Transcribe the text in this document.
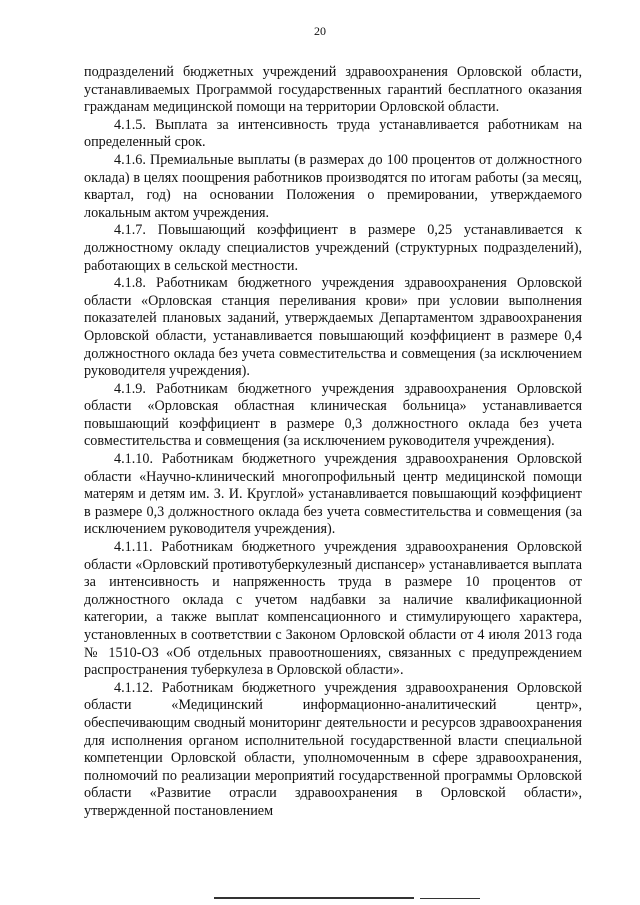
20

подразделений бюджетных учреждений здравоохранения Орловской области, устанавливаемых Программой государственных гарантий бесплатного оказания гражданам медицинской помощи на территории Орловской области.

4.1.5. Выплата за интенсивность труда устанавливается работникам на определенный срок.

4.1.6. Премиальные выплаты (в размерах до 100 процентов от должностного оклада) в целях поощрения работников производятся по итогам работы (за месяц, квартал, год) на основании Положения о премировании, утверждаемого локальным актом учреждения.

4.1.7. Повышающий коэффициент в размере 0,25 устанавливается к должностному окладу специалистов учреждений (структурных подразделений), работающих в сельской местности.

4.1.8. Работникам бюджетного учреждения здравоохранения Орловской области «Орловская станция переливания крови» при условии выполнения показателей плановых заданий, утверждаемых Департаментом здравоохранения Орловской области, устанавливается повышающий коэффициент в размере 0,4 должностного оклада без учета совместительства и совмещения (за исключением руководителя учреждения).

4.1.9. Работникам бюджетного учреждения здравоохранения Орловской области «Орловская областная клиническая больница» устанавливается повышающий коэффициент в размере 0,3 должностного оклада без учета совместительства и совмещения (за исключением руководителя учреждения).

4.1.10. Работникам бюджетного учреждения здравоохранения Орловской области «Научно-клинический многопрофильный центр медицинской помощи матерям и детям им. З. И. Круглой» устанавливается повышающий коэффициент в размере 0,3 должностного оклада без учета совместительства и совмещения (за исключением руководителя учреждения).

4.1.11. Работникам бюджетного учреждения здравоохранения Орловской области «Орловский противотуберкулезный диспансер» устанавливается выплата за интенсивность и напряженность труда в размере 10 процентов от должностного оклада с учетом надбавки за наличие квалификационной категории, а также выплат компенсационного и стимулирующего характера, установленных в соответствии с Законом Орловской области от 4 июля 2013 года № 1510-ОЗ «Об отдельных правоотношениях, связанных с предупреждением распространения туберкулеза в Орловской области».

4.1.12. Работникам бюджетного учреждения здравоохранения Орловской области «Медицинский информационно-аналитический центр», обеспечивающим сводный мониторинг деятельности и ресурсов здравоохранения для исполнения органом исполнительной государственной власти специальной компетенции Орловской области, уполномоченным в сфере здравоохранения, полномочий по реализации мероприятий государственной программы Орловской области «Развитие отрасли здравоохранения в Орловской области», утвержденной постановлением
